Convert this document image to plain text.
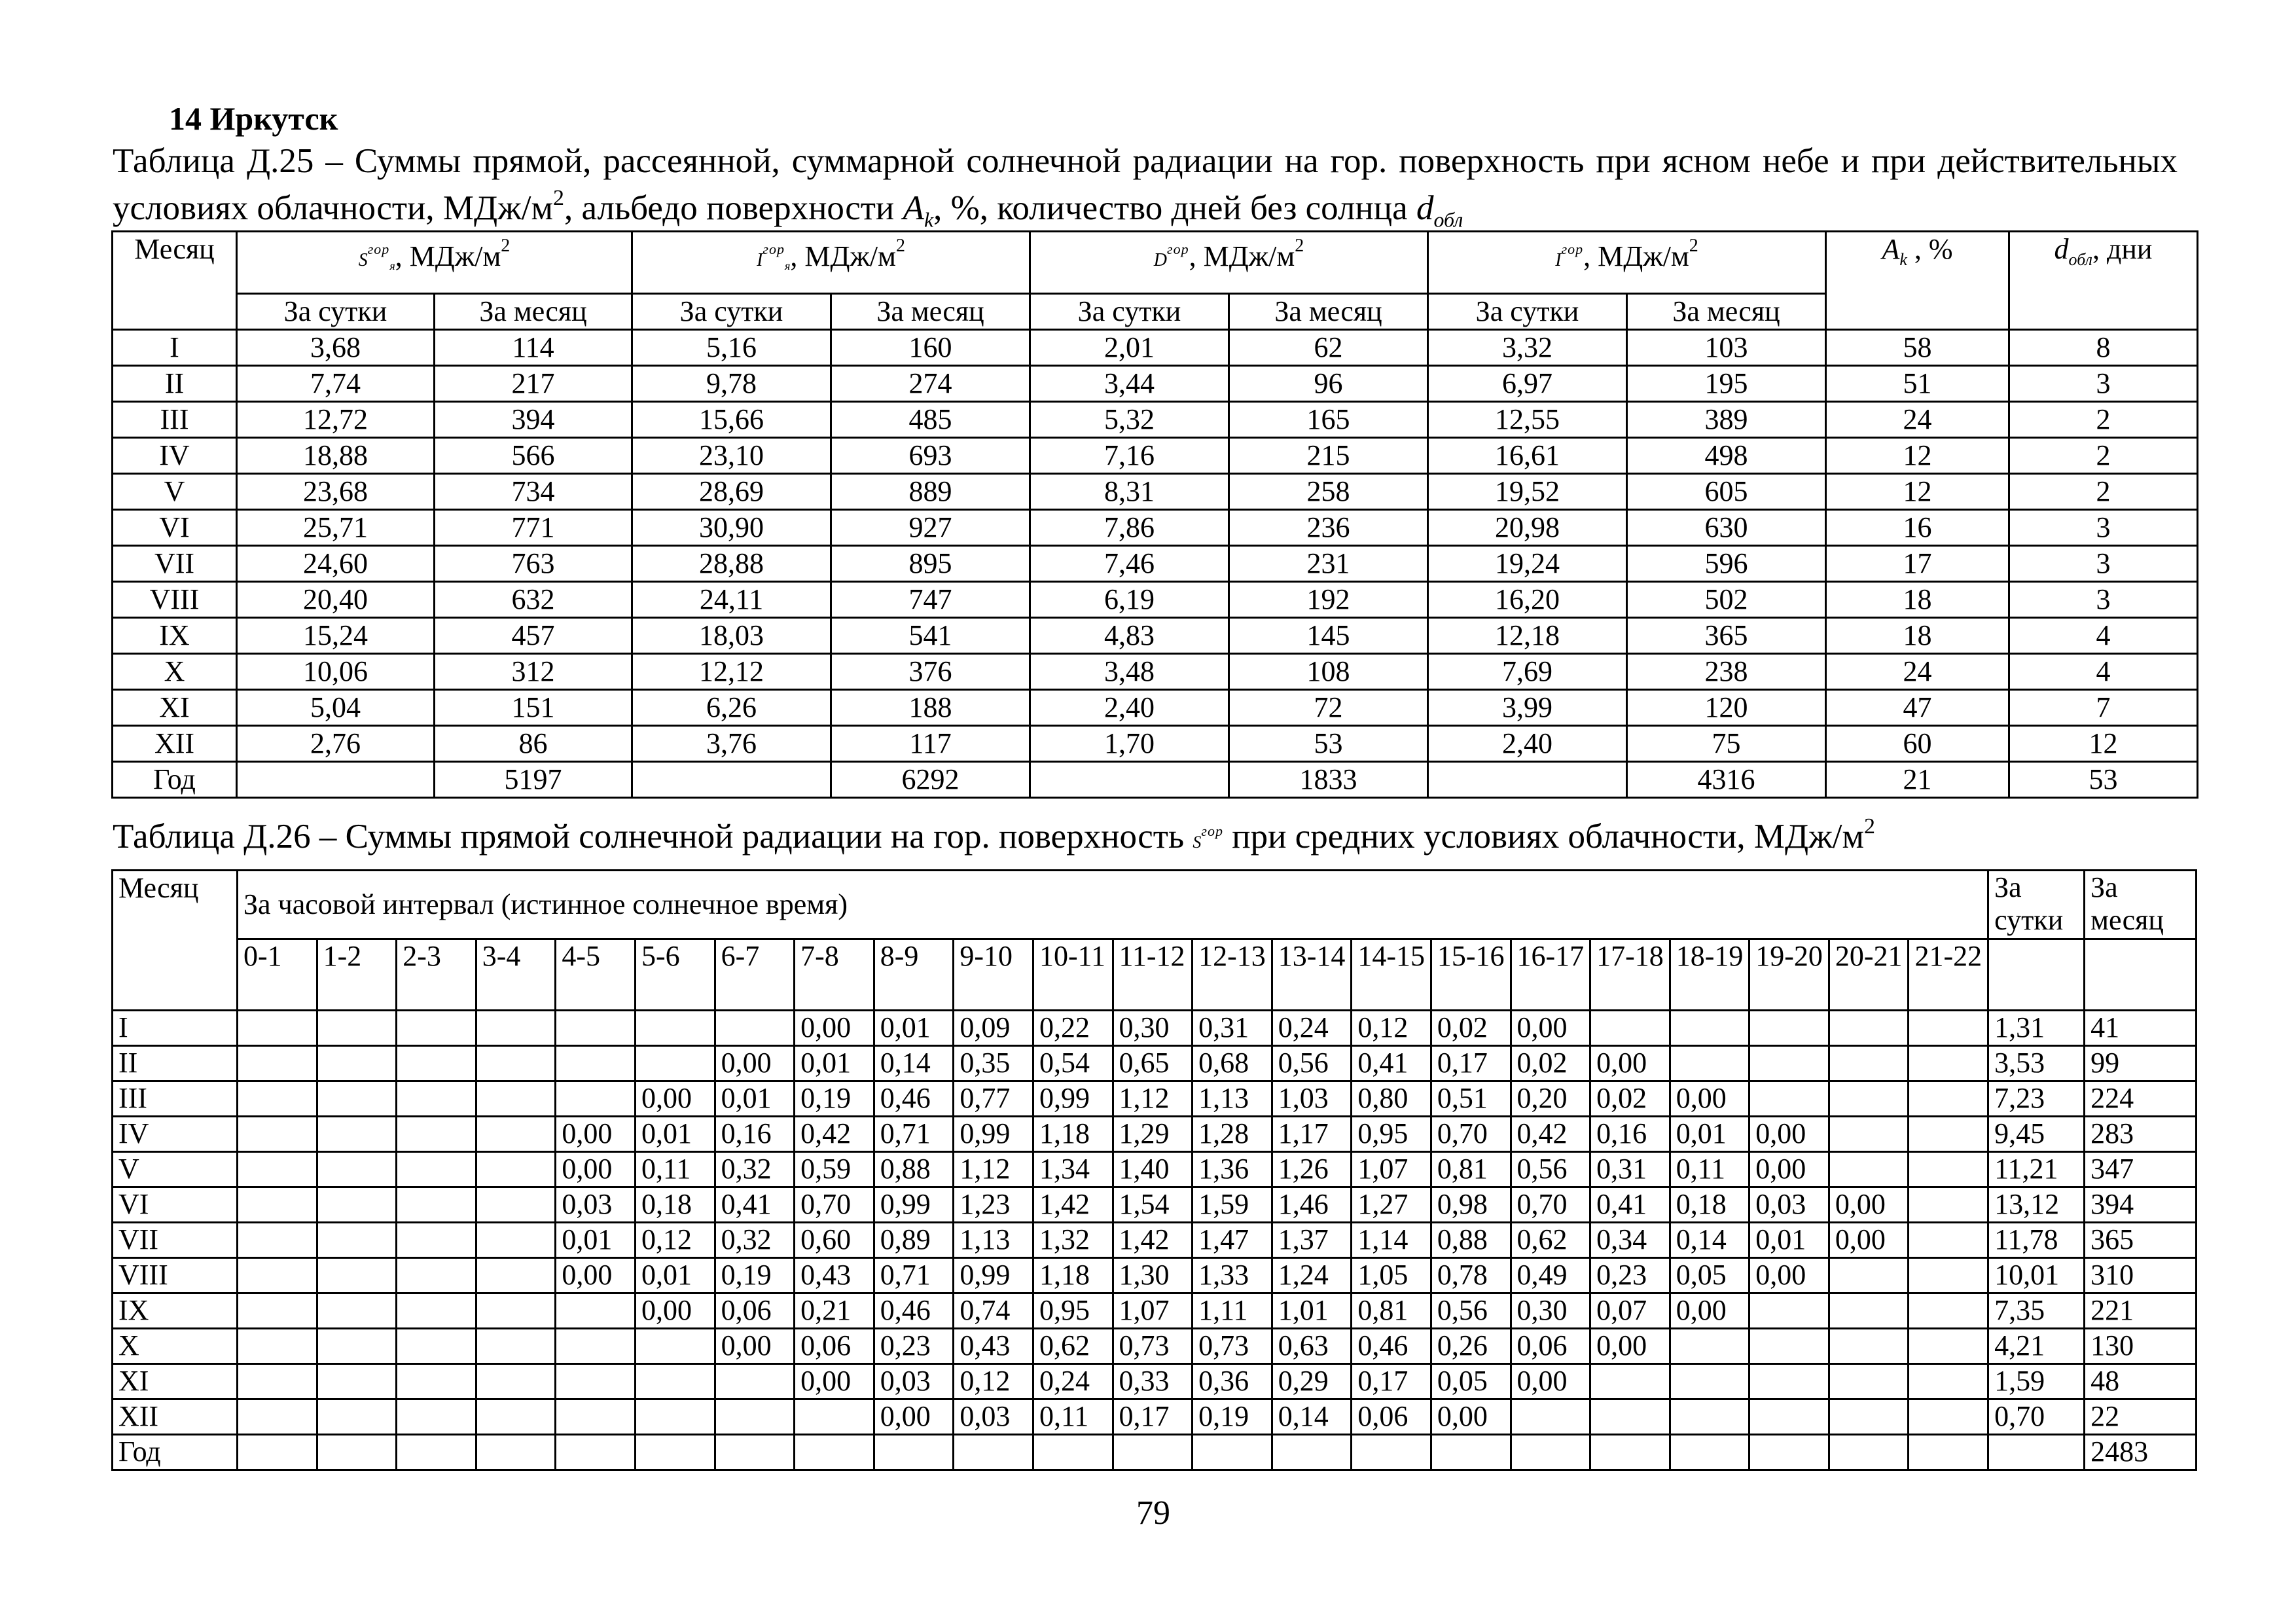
14 Иркутск
Таблица Д.25 – Суммы прямой, рассеянной, суммарной солнечной радиации на гор. поверхность при ясном небе и при действительных условиях облачности, МДж/$м^2$, альбедо поверхности $A_k$, %, количество дней без солнца $d_{обл}$
Месяц	$S^{гор}_я$, МДж/$м^2$		$I^{гор}_я$, МДж/$м^2$		$D^{гор}$, МДж/$м^2$		$I^{гор}$, МДж/$м^2$		$A_k$ , %	$d_{обл}$, дни
	За сутки	За месяц	За сутки	За месяц	За сутки	За месяц	За сутки	За месяц		
I	3,68	114	5,16	160	2,01	62	3,32	103	58	8
II	7,74	217	9,78	274	3,44	96	6,97	195	51	3
III	12,72	394	15,66	485	5,32	165	12,55	389	24	2
IV	18,88	566	23,10	693	7,16	215	16,61	498	12	2
V	23,68	734	28,69	889	8,31	258	19,52	605	12	2
VI	25,71	771	30,90	927	7,86	236	20,98	630	16	3
VII	24,60	763	28,88	895	7,46	231	19,24	596	17	3
VIII	20,40	632	24,11	747	6,19	192	16,20	502	18	3
IX	15,24	457	18,03	541	4,83	145	12,18	365	18	4
X	10,06	312	12,12	376	3,48	108	7,69	238	24	4
XI	5,04	151	6,26	188	2,40	72	3,99	120	47	7
XII	2,76	86	3,76	117	1,70	53	2,40	75	60	12
Год		5197		6292		1833		4316	21	53
Таблица Д.26 – Суммы прямой солнечной радиации на гор. поверхность $S^{гор}$ при средних условиях облачности, МДж/$м^2$
Месяц	За часовой интервал (истинное солнечное время)																						За сутки	За месяц
	0-1	1-2	2-3	3-4	4-5	5-6	6-7	7-8	8-9	9-10	10-11	11-12	12-13	13-14	14-15	15-16	16-17	17-18	18-19	19-20	20-21	21-22		
I								0,00	0,01	0,09	0,22	0,30	0,31	0,24	0,12	0,02	0,00						1,31	41
II							0,00	0,01	0,14	0,35	0,54	0,65	0,68	0,56	0,41	0,17	0,02	0,00					3,53	99
III						0,00	0,01	0,19	0,46	0,77	0,99	1,12	1,13	1,03	0,80	0,51	0,20	0,02	0,00				7,23	224
IV					0,00	0,01	0,16	0,42	0,71	0,99	1,18	1,29	1,28	1,17	0,95	0,70	0,42	0,16	0,01	0,00			9,45	283
V					0,00	0,11	0,32	0,59	0,88	1,12	1,34	1,40	1,36	1,26	1,07	0,81	0,56	0,31	0,11	0,00			11,21	347
VI					0,03	0,18	0,41	0,70	0,99	1,23	1,42	1,54	1,59	1,46	1,27	0,98	0,70	0,41	0,18	0,03	0,00		13,12	394
VII					0,01	0,12	0,32	0,60	0,89	1,13	1,32	1,42	1,47	1,37	1,14	0,88	0,62	0,34	0,14	0,01	0,00		11,78	365
VIII					0,00	0,01	0,19	0,43	0,71	0,99	1,18	1,30	1,33	1,24	1,05	0,78	0,49	0,23	0,05	0,00			10,01	310
IX						0,00	0,06	0,21	0,46	0,74	0,95	1,07	1,11	1,01	0,81	0,56	0,30	0,07	0,00				7,35	221
X							0,00	0,06	0,23	0,43	0,62	0,73	0,73	0,63	0,46	0,26	0,06	0,00					4,21	130
XI								0,00	0,03	0,12	0,24	0,33	0,36	0,29	0,17	0,05	0,00						1,59	48
XII									0,00	0,03	0,11	0,17	0,19	0,14	0,06	0,00							0,70	22
Год																								2483
79
